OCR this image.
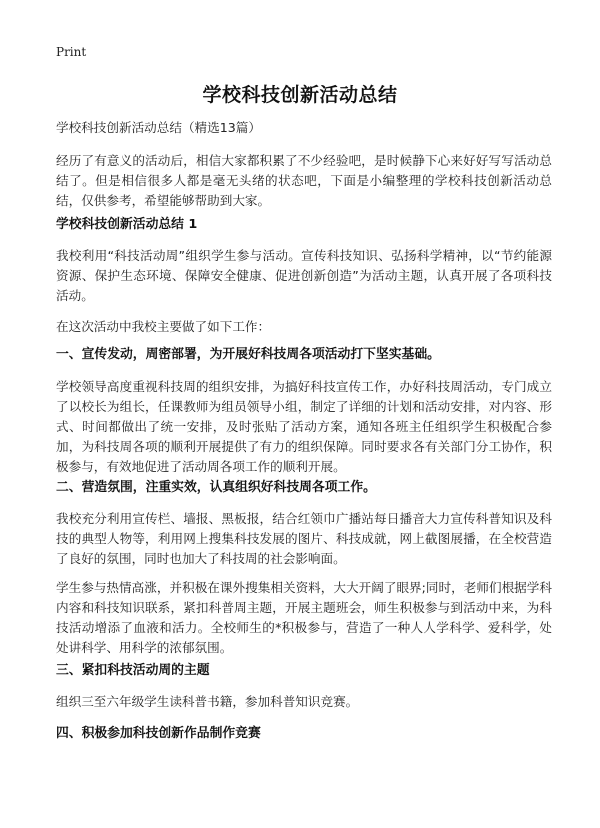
Print
学校科技创新活动总结
学校科技创新活动总结（精选13篇）
经历了有意义的活动后，相信大家都积累了不少经验吧，是时候静下心来好好写写活动总结了。但是相信很多人都是毫无头绪的状态吧，下面是小编整理的学校科技创新活动总结，仅供参考，希望能够帮助到大家。
学校科技创新活动总结 1
我校利用“科技活动周”组织学生参与活动。宣传科技知识、弘扬科学精神，以“节约能源资源、保护生态环境、保障安全健康、促进创新创造”为活动主题，认真开展了各项科技活动。
在这次活动中我校主要做了如下工作：
一、宣传发动，周密部署，为开展好科技周各项活动打下坚实基础。
学校领导高度重视科技周的组织安排，为搞好科技宣传工作，办好科技周活动，专门成立了以校长为组长，任课教师为组员领导小组，制定了详细的计划和活动安排，对内容、形式、时间都做出了统一安排，及时张贴了活动方案，通知各班主任组织学生积极配合参加，为科技周各项的顺利开展提供了有力的组织保障。同时要求各有关部门分工协作，积极参与，有效地促进了活动周各项工作的顺利开展。
二、营造氛围，注重实效，认真组织好科技周各项工作。
我校充分利用宣传栏、墙报、黑板报，结合红领巾广播站每日播音大力宣传科普知识及科技的典型人物等，利用网上搜集科技发展的图片、科技成就，网上截图展播，在全校营造了良好的氛围，同时也加大了科技周的社会影响面。
学生参与热情高涨，并积极在课外搜集相关资料，大大开阔了眼界;同时，老师们根据学科内容和科技知识联系，紧扣科普周主题，开展主题班会，师生积极参与到活动中来，为科技活动增添了血液和活力。全校师生的*积极参与，营造了一种人人学科学、爱科学，处处讲科学、用科学的浓郁氛围。
三、紧扣科技活动周的主题
组织三至六年级学生读科普书籍，参加科普知识竞赛。
四、积极参加科技创新作品制作竞赛
